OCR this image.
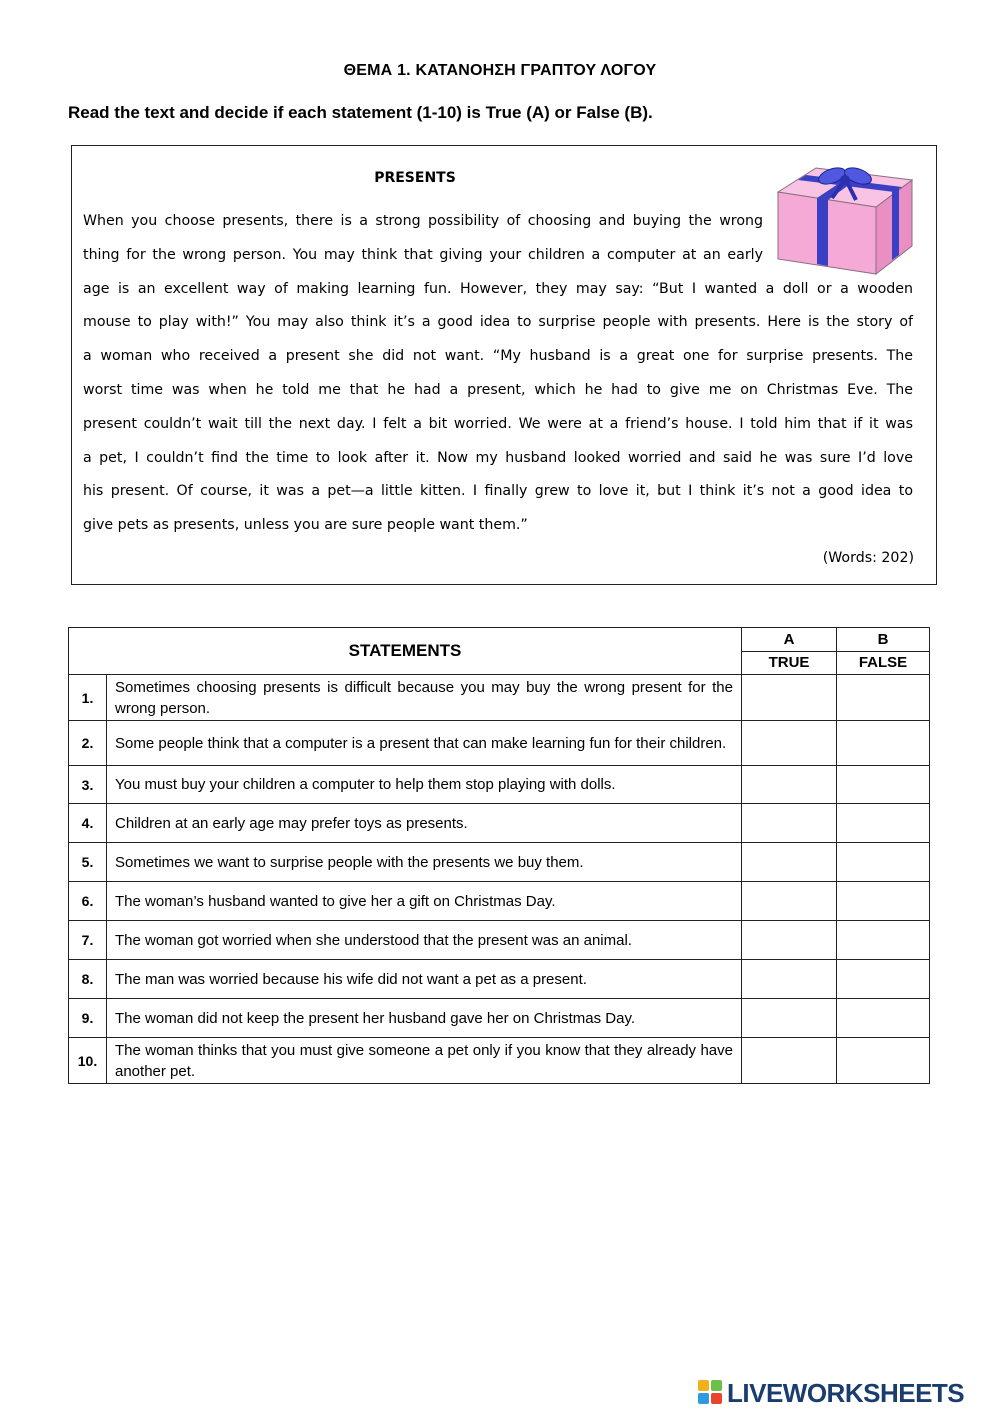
ΘΕΜΑ 1. ΚΑΤΑΝΟΗΣΗ ΓΡΑΠΤΟΥ ΛΟΓΟΥ
Read the text and decide if each statement (1-10) is True (A) or False (B).
PRESENTS
When you choose presents, there is a strong possibility of choosing and buying the wrong
thing for the wrong person. You may think that giving your children a computer at an early
age is an excellent way of making learning fun. However, they may say: “But I wanted a doll or a wooden
mouse to play with!” You may also think it’s a good idea to surprise people with presents. Here is the story of
a woman who received a present she did not want. “My husband is a great one for surprise presents. The
worst time was when he told me that he had a present, which he had to give me on Christmas Eve. The
present couldn’t wait till the next day. I felt a bit worried. We were at a friend’s house. I told him that if it was
a pet, I couldn’t find the time to look after it. Now my husband looked worried and said he was sure I’d love
his present. Of course, it was a pet—a little kitten. I finally grew to love it, but I think it’s not a good idea to
give pets as presents, unless you are sure people want them.”
(Words: 202)
STATEMENTS		A	B
		TRUE	FALSE
1.	Sometimes choosing presents is difficult because you may buy the wrong present for the wrong person.		
2.	Some people think that a computer is a present that can make learning fun for their children.		
3.	You must buy your children a computer to help them stop playing with dolls.		
4.	Children at an early age may prefer toys as presents.		
5.	Sometimes we want to surprise people with the presents we buy them.		
6.	The woman’s husband wanted to give her a gift on Christmas Day.		
7.	The woman got worried when she understood that the present was an animal.		
8.	The man was worried because his wife did not want a pet as a present.		
9.	The woman did not keep the present her husband gave her on Christmas Day.		
10.	The woman thinks that you must give someone a pet only if you know that they already have another pet.		
LIVEWORKSHEETS
